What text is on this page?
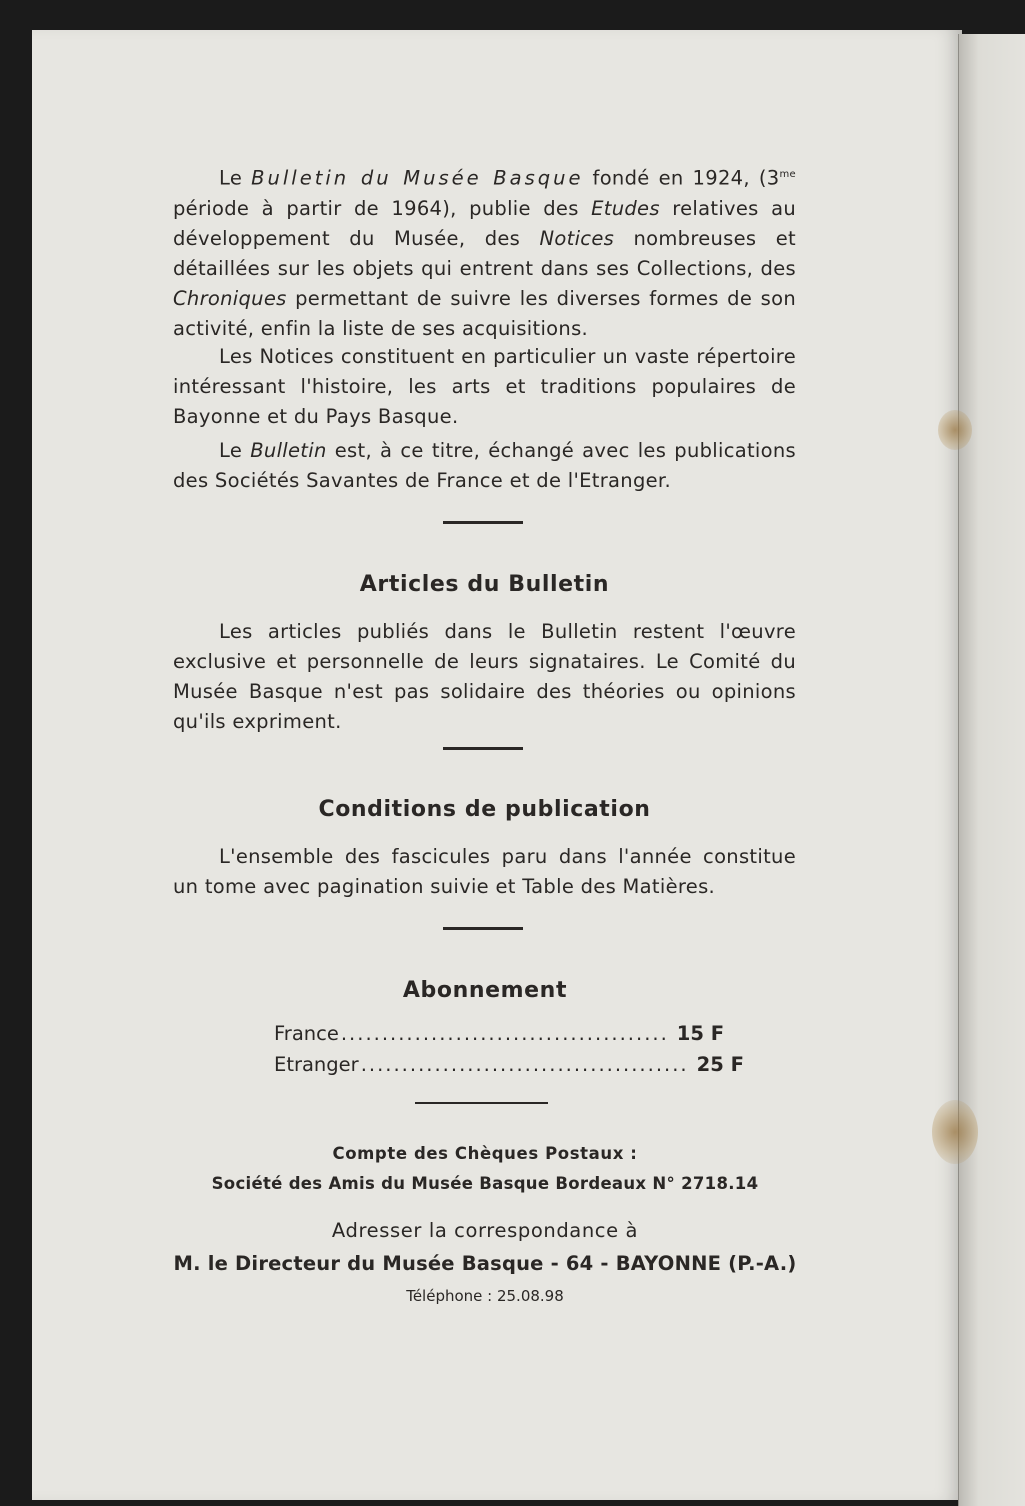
Le Bulletin du Musée Basque fondé en 1924, ($3^{me}$ période à partir de 1964), publie des Etudes relatives au développement du Musée, des Notices nombreuses et détaillées sur les objets qui entrent dans ses Collections, des Chroniques permettant de suivre les diverses formes de son activité, enfin la liste de ses acquisitions.

Les Notices constituent en particulier un vaste répertoire intéressant l'histoire, les arts et traditions populaires de Bayonne et du Pays Basque.

Le Bulletin est, à ce titre, échangé avec les publications des Sociétés Savantes de France et de l'Etranger.

Articles du Bulletin

Les articles publiés dans le Bulletin restent l'œuvre exclusive et personnelle de leurs signataires. Le Comité du Musée Basque n'est pas solidaire des théories ou opinions qu'ils expriment.

Conditions de publication

L'ensemble des fascicules paru dans l'année constitue un tome avec pagination suivie et Table des Matières.

Abonnement
France ........................................ 15 F
Etranger ........................................ 25 F

Compte des Chèques Postaux :

Société des Amis du Musée Basque Bordeaux N° 2718.14

Adresser la correspondance à

M. le Directeur du Musée Basque - 64 - BAYONNE (P.-A.)

Téléphone : 25.08.98
